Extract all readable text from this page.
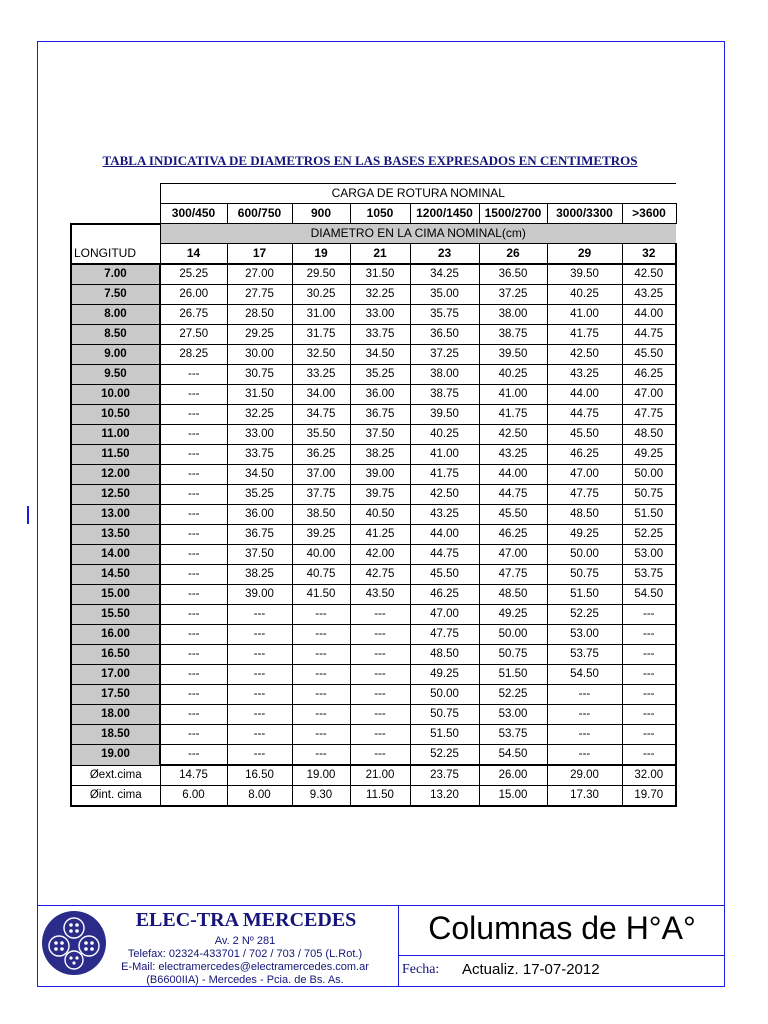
TABLA INDICATIVA DE DIAMETROS EN LAS BASES EXPRESADOS EN CENTIMETROS
	CARGA DE ROTURA NOMINAL							
	300/450	600/750	900	1050	1200/1450	1500/2700	3000/3300	>3600
	DIAMETRO EN LA CIMA NOMINAL(cm)							
LONGITUD	14	17	19	21	23	26	29	32
7.00	25.25	27.00	29.50	31.50	34.25	36.50	39.50	42.50
7.50	26.00	27.75	30.25	32.25	35.00	37.25	40.25	43.25
8.00	26.75	28.50	31.00	33.00	35.75	38.00	41.00	44.00
8.50	27.50	29.25	31.75	33.75	36.50	38.75	41.75	44.75
9.00	28.25	30.00	32.50	34.50	37.25	39.50	42.50	45.50
9.50	---	30.75	33.25	35.25	38.00	40.25	43.25	46.25
10.00	---	31.50	34.00	36.00	38.75	41.00	44.00	47.00
10.50	---	32.25	34.75	36.75	39.50	41.75	44.75	47.75
11.00	---	33.00	35.50	37.50	40.25	42.50	45.50	48.50
11.50	---	33.75	36.25	38.25	41.00	43.25	46.25	49.25
12.00	---	34.50	37.00	39.00	41.75	44.00	47.00	50.00
12.50	---	35.25	37.75	39.75	42.50	44.75	47.75	50.75
13.00	---	36.00	38.50	40.50	43.25	45.50	48.50	51.50
13.50	---	36.75	39.25	41.25	44.00	46.25	49.25	52.25
14.00	---	37.50	40.00	42.00	44.75	47.00	50.00	53.00
14.50	---	38.25	40.75	42.75	45.50	47.75	50.75	53.75
15.00	---	39.00	41.50	43.50	46.25	48.50	51.50	54.50
15.50	---	---	---	---	47.00	49.25	52.25	---
16.00	---	---	---	---	47.75	50.00	53.00	---
16.50	---	---	---	---	48.50	50.75	53.75	---
17.00	---	---	---	---	49.25	51.50	54.50	---
17.50	---	---	---	---	50.00	52.25	---	---
18.00	---	---	---	---	50.75	53.00	---	---
18.50	---	---	---	---	51.50	53.75	---	---
19.00	---	---	---	---	52.25	54.50	---	---
Øext.cima	14.75	16.50	19.00	21.00	23.75	26.00	29.00	32.00
Øint. cima	6.00	8.00	9.30	11.50	13.20	15.00	17.30	19.70
ELEC-TRA MERCEDES
Av. 2 Nº 281
Telefax: 02324-433701 / 702 / 703 / 705 (L.Rot.)
E-Mail: electramercedes@electramercedes.com.ar
(B6600IIA) - Mercedes - Pcia. de Bs. As.
Columnas de H°A°
Fecha: Actualiz. 17-07-2012
